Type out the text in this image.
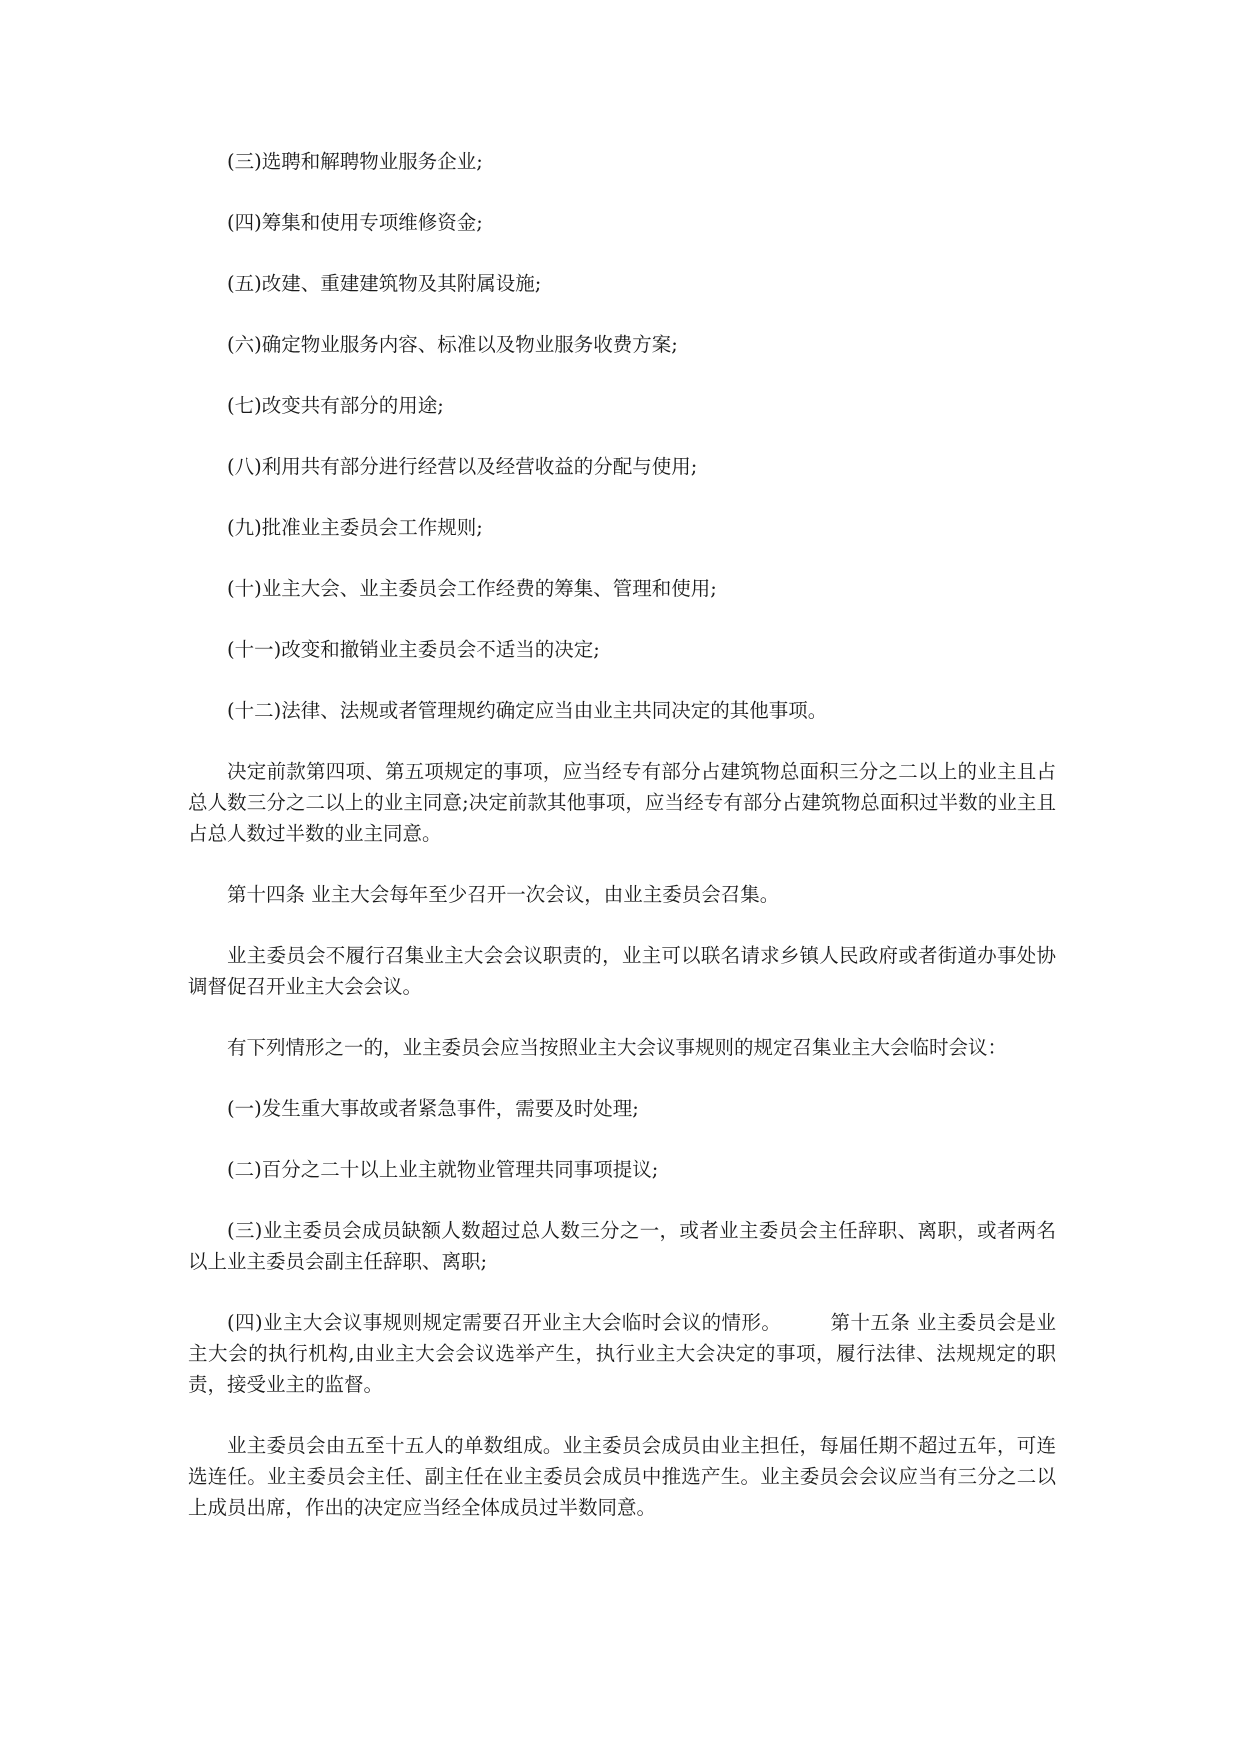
(三)选聘和解聘物业服务企业;

(四)筹集和使用专项维修资金;

(五)改建、重建建筑物及其附属设施;

(六)确定物业服务内容、标准以及物业服务收费方案;

(七)改变共有部分的用途;

(八)利用共有部分进行经营以及经营收益的分配与使用;

(九)批准业主委员会工作规则;

(十)业主大会、业主委员会工作经费的筹集、管理和使用;

(十一)改变和撤销业主委员会不适当的决定;

(十二)法律、法规或者管理规约确定应当由业主共同决定的其他事项。

决定前款第四项、第五项规定的事项，应当经专有部分占建筑物总面积三分之二以上的业主且占总人数三分之二以上的业主同意;决定前款其他事项，应当经专有部分占建筑物总面积过半数的业主且占总人数过半数的业主同意。

第十四条 业主大会每年至少召开一次会议，由业主委员会召集。

业主委员会不履行召集业主大会会议职责的，业主可以联名请求乡镇人民政府或者街道办事处协调督促召开业主大会会议。

有下列情形之一的，业主委员会应当按照业主大会议事规则的规定召集业主大会临时会议：

(一)发生重大事故或者紧急事件，需要及时处理;

(二)百分之二十以上业主就物业管理共同事项提议;

(三)业主委员会成员缺额人数超过总人数三分之一，或者业主委员会主任辞职、离职，或者两名以上业主委员会副主任辞职、离职;

(四)业主大会议事规则规定需要召开业主大会临时会议的情形。	第十五条 业主委员会是业主大会的执行机构,由业主大会会议选举产生，执行业主大会决定的事项，履行法律、法规规定的职责，接受业主的监督。

业主委员会由五至十五人的单数组成。业主委员会成员由业主担任，每届任期不超过五年，可连选连任。业主委员会主任、副主任在业主委员会成员中推选产生。业主委员会会议应当有三分之二以上成员出席，作出的决定应当经全体成员过半数同意。
